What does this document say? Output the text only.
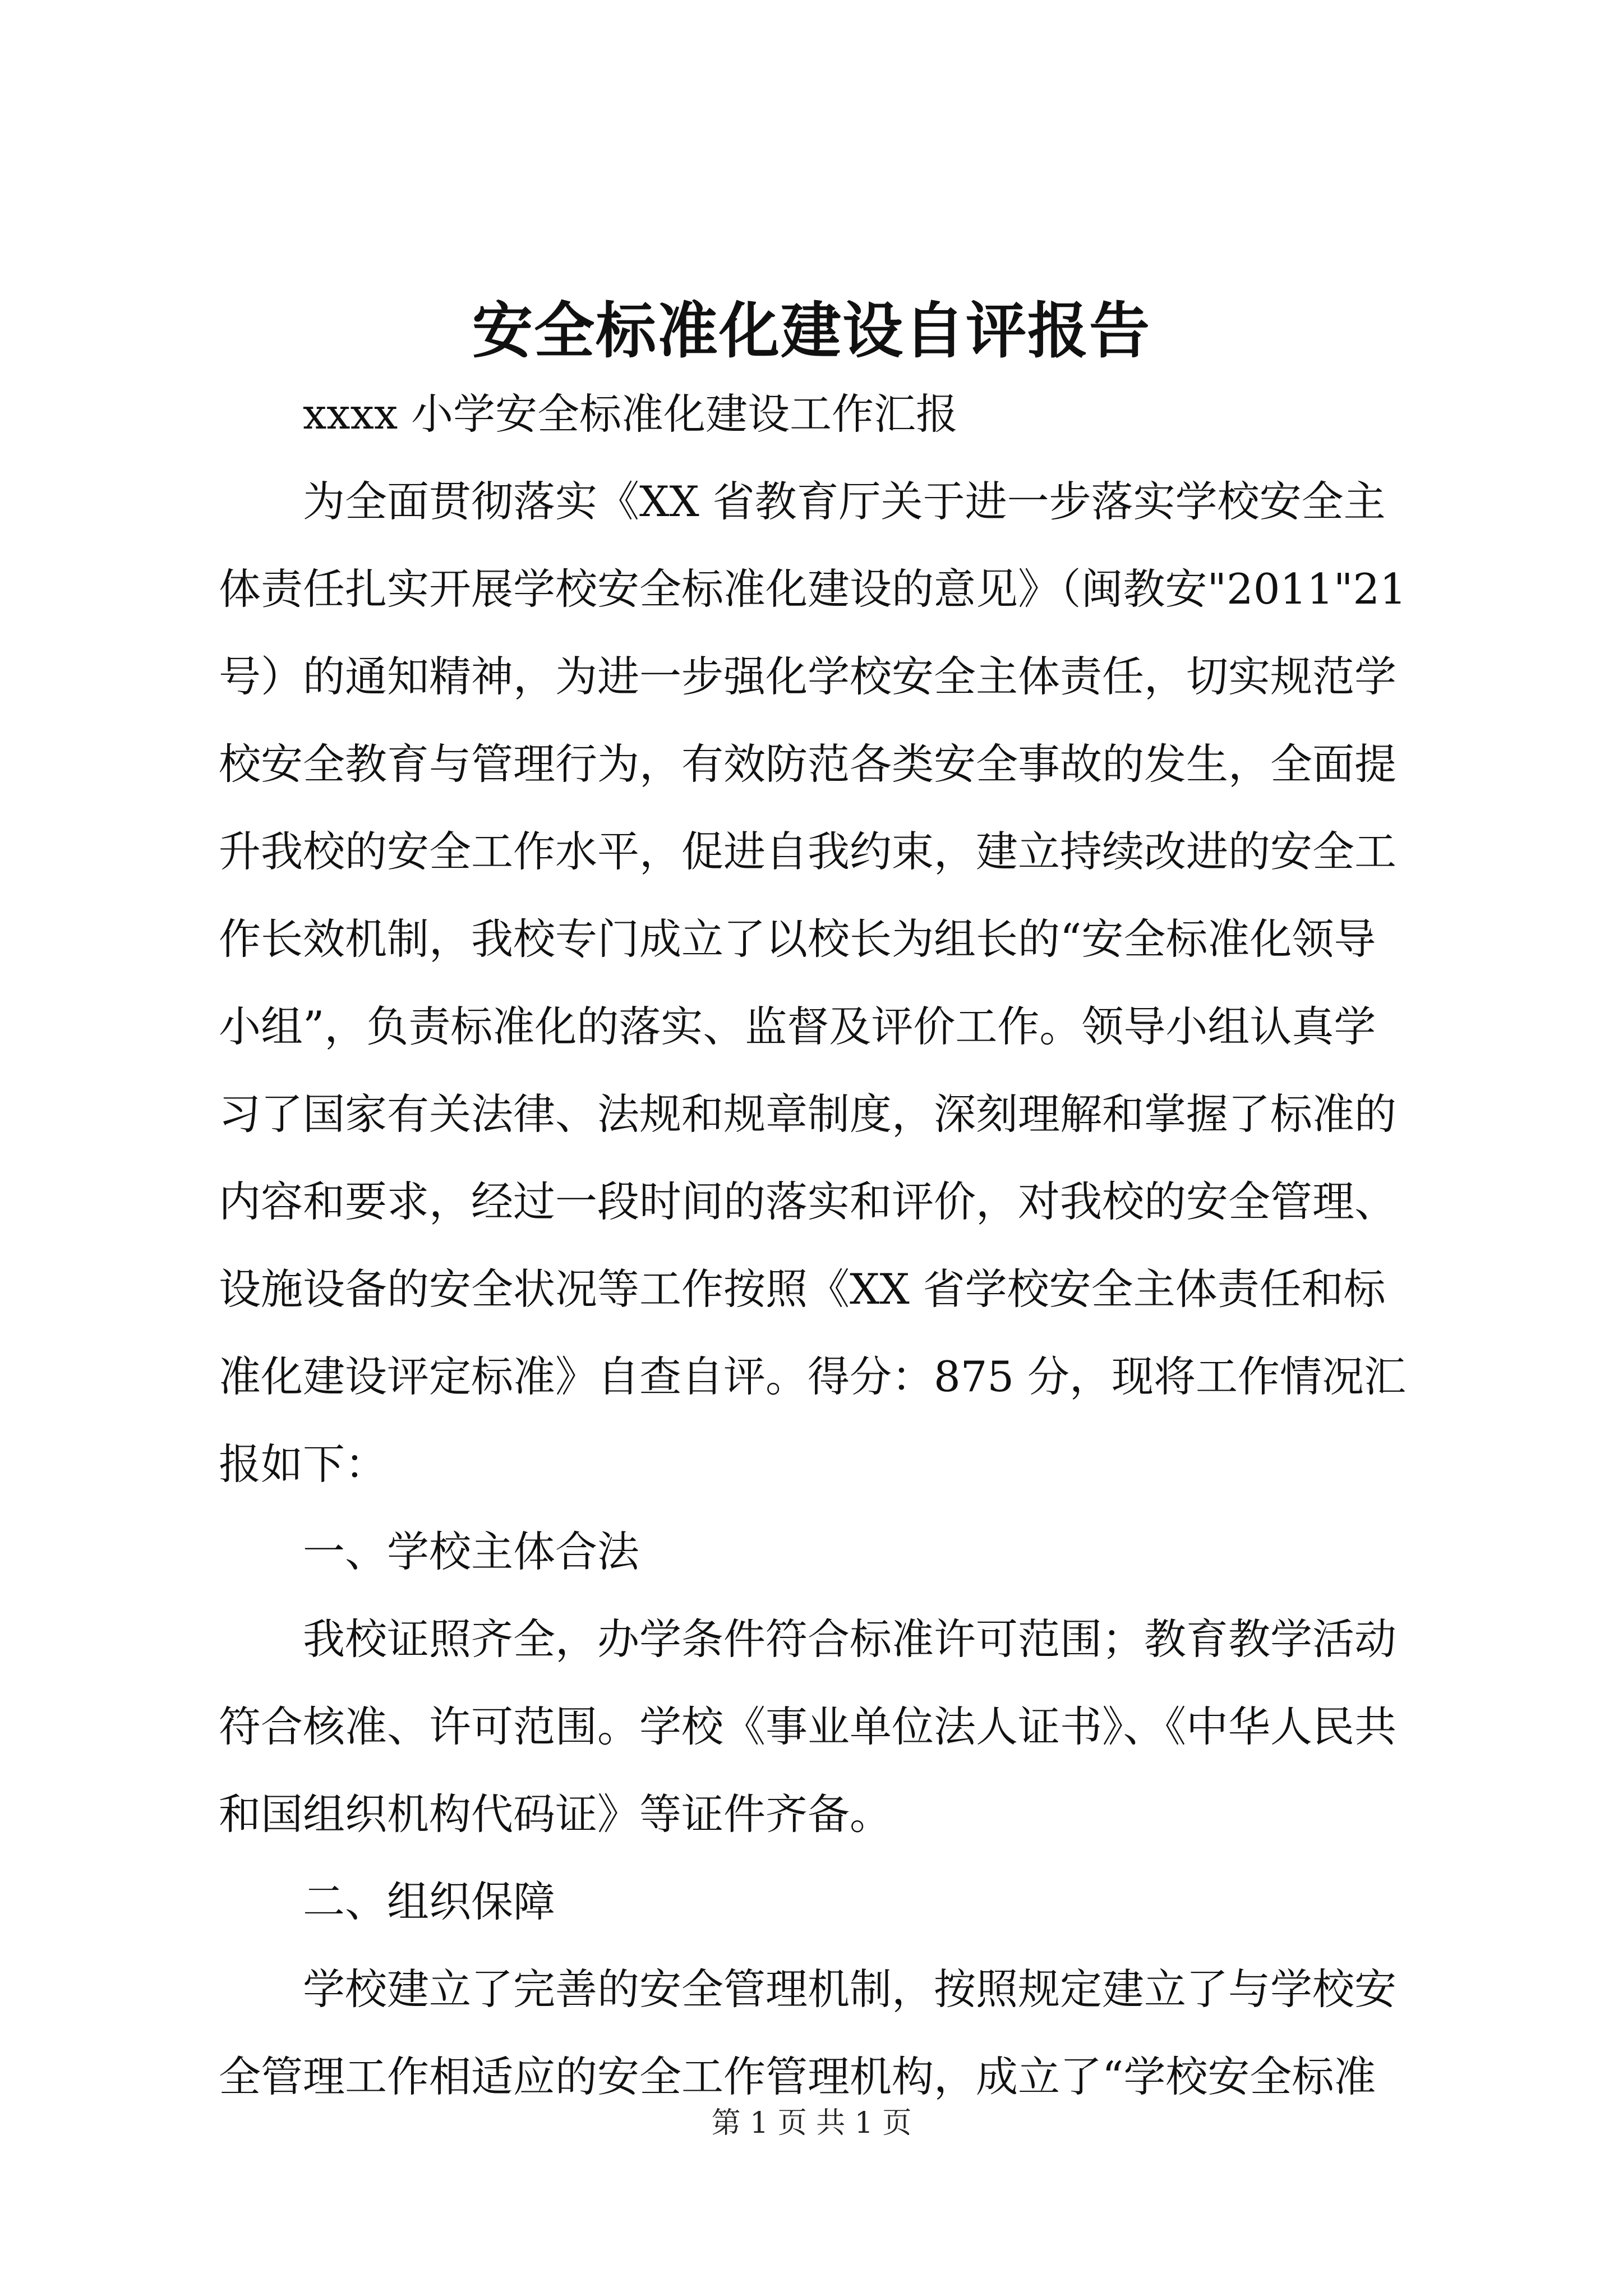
安全标准化建设自评报告
xxxx 小学安全标准化建设工作汇报
为全面贯彻落实《XX 省教育厅关于进一步落实学校安全主
体责任扎实开展学校安全标准化建设的意见》（闽教安"2011"21
号）的通知精神，为进一步强化学校安全主体责任，切实规范学
校安全教育与管理行为，有效防范各类安全事故的发生，全面提
升我校的安全工作水平，促进自我约束，建立持续改进的安全工
作长效机制，我校专门成立了以校长为组长的“安全标准化领导
小组”，负责标准化的落实、监督及评价工作。领导小组认真学
习了国家有关法律、法规和规章制度，深刻理解和掌握了标准的
内容和要求，经过一段时间的落实和评价，对我校的安全管理、
设施设备的安全状况等工作按照《XX 省学校安全主体责任和标
准化建设评定标准》自查自评。得分：875 分，现将工作情况汇
报如下：
一、学校主体合法
我校证照齐全，办学条件符合标准许可范围；教育教学活动
符合核准、许可范围。学校《事业单位法人证书》、《中华人民共
和国组织机构代码证》等证件齐备。
二、组织保障
学校建立了完善的安全管理机制，按照规定建立了与学校安
全管理工作相适应的安全工作管理机构，成立了“学校安全标准
第 1 页 共 1 页
